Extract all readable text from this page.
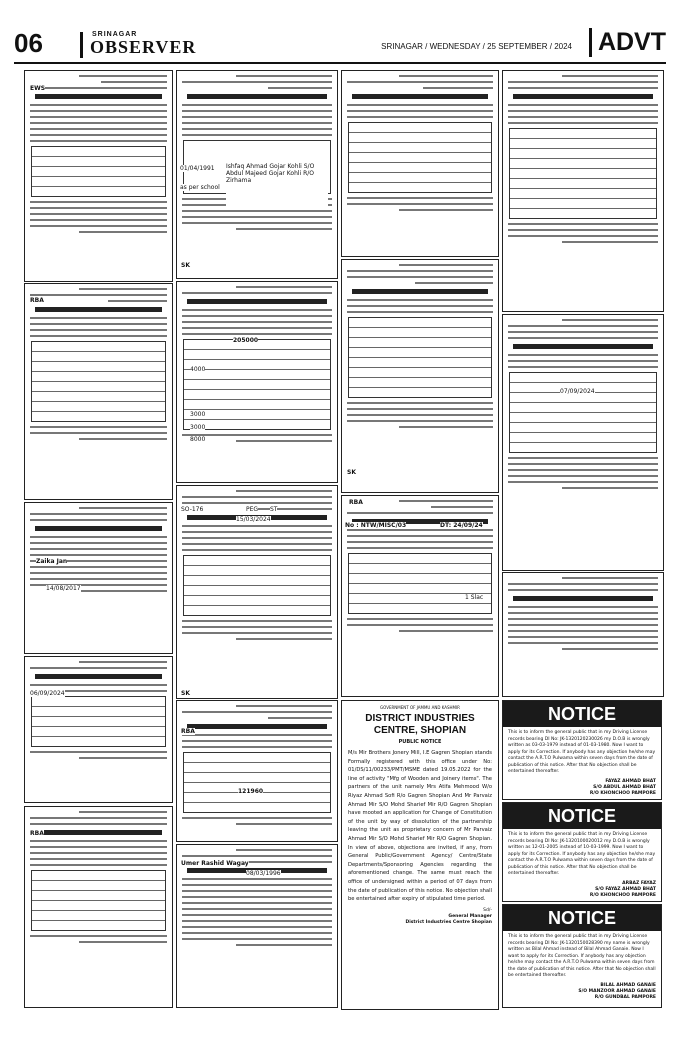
06	SRINAGAR
OBSERVER	SRINAGAR / WEDNESDAY / 25 SEPTEMBER / 2024	ADVT
EWS
RBA
Zaika Jan
14/08/2017
06/09/2024
RBA
Ishfaq Ahmad Gojar Kohli S/O Abdul Majeed Gojar Kohli R/O Zirhama
01/04/1991
as per school
SK
205000
4000
3000
3000
8000
SO-176	PEG ST
15/03/2024
SK
RBA
121960
Umer Rashid Wagay
08/03/1996
RBA
No : NTW/MISC/03	DT: 24/09/24
1 Slac
07/09/2024
SK
GOVERNMENT OF JAMMU AND KASHMIR
DISTRICT INDUSTRIES CENTRE, SHOPIAN
PUBLIC NOTICE
M/s Mir Brothers Jonery Mill, I.E Gagren Shopian stands Formally registered with this office under No: 01/DS/11/00233/PMT/MSME dated 19.05.2022 for the line of activity "Mfg of Wooden and Joinery items". The partners of the unit namely Mrs Atifa Mehmood W/o Riyaz Ahmad Sofi R/o Gagren Shopian And Mr Parvaiz Ahmad Mir S/O Mohd Sharief Mir R/O Gagren Shopian have mooted an application for Change of Constitution of the unit by way of dissolution of the partnership leaving the unit as proprietary concern of Mr Parvaiz Ahmad Mir S/O Mohd Sharief Mir R/O Gagren Shopian. In view of above, objections are invited, if any, from General Public/Government Agency/ Centre/State Departments/Sponsoring Agencies regarding the aforementioned change. The same must reach the office of undersigned within a period of 07 days from the date of publication of this notice. No objection shall be entertained after expiry of stipulated time period.
Sd/-
General Manager
District Industries Centre Shopian
NOTICE
This is to inform the general public that in my Driving License records bearing DI No: JK-1320120230026 my D.O.B is wrongly written as 03-03-1979 instead of 01-03-1980. Now I want to apply for its Correction. If anybody has any objection he/she may contact the A.R.T.O Pulwama within seven days from the date of publication of this notice. After that No objection shall be entertained thereafter.
FAYAZ AHMAD BHAT
S/O ABDUL AHMAD BHAT
R/O KHONCHOO PAMPORE
NOTICE
This is to inform the general public that in my Driving License records bearing DI No: JK-1320100020012 my D.O.B is wrongly written as 12-01-2005 instead of 10-03-1999. Now I want to apply for its Correction. If anybody has any objection he/she may contact the A.R.T.O Pulwama within seven days from the date of publication of this notice. After that No objection shall be entertained thereafter.
ARBAZ FAYAZ
S/O FAYAZ AHMAD BHAT
R/O KHONCHOO PAMPORE
NOTICE
This is to inform the general public that in my Driving License records bearing DI No: JK-1320150028390 my name is wrongly written as Bilal Ahmad instead of Bilal Ahmad Ganaie. Now I want to apply for its Correction. If anybody has any objection he/she may contact the A.R.T.O Pulwama within seven days from the date of publication of this notice. After that No objection shall be entertained thereafter.
BILAL AHMAD GANAIE
S/O MANZOOR AHMAD GANAIE
R/O GUNDBAL PAMPORE
